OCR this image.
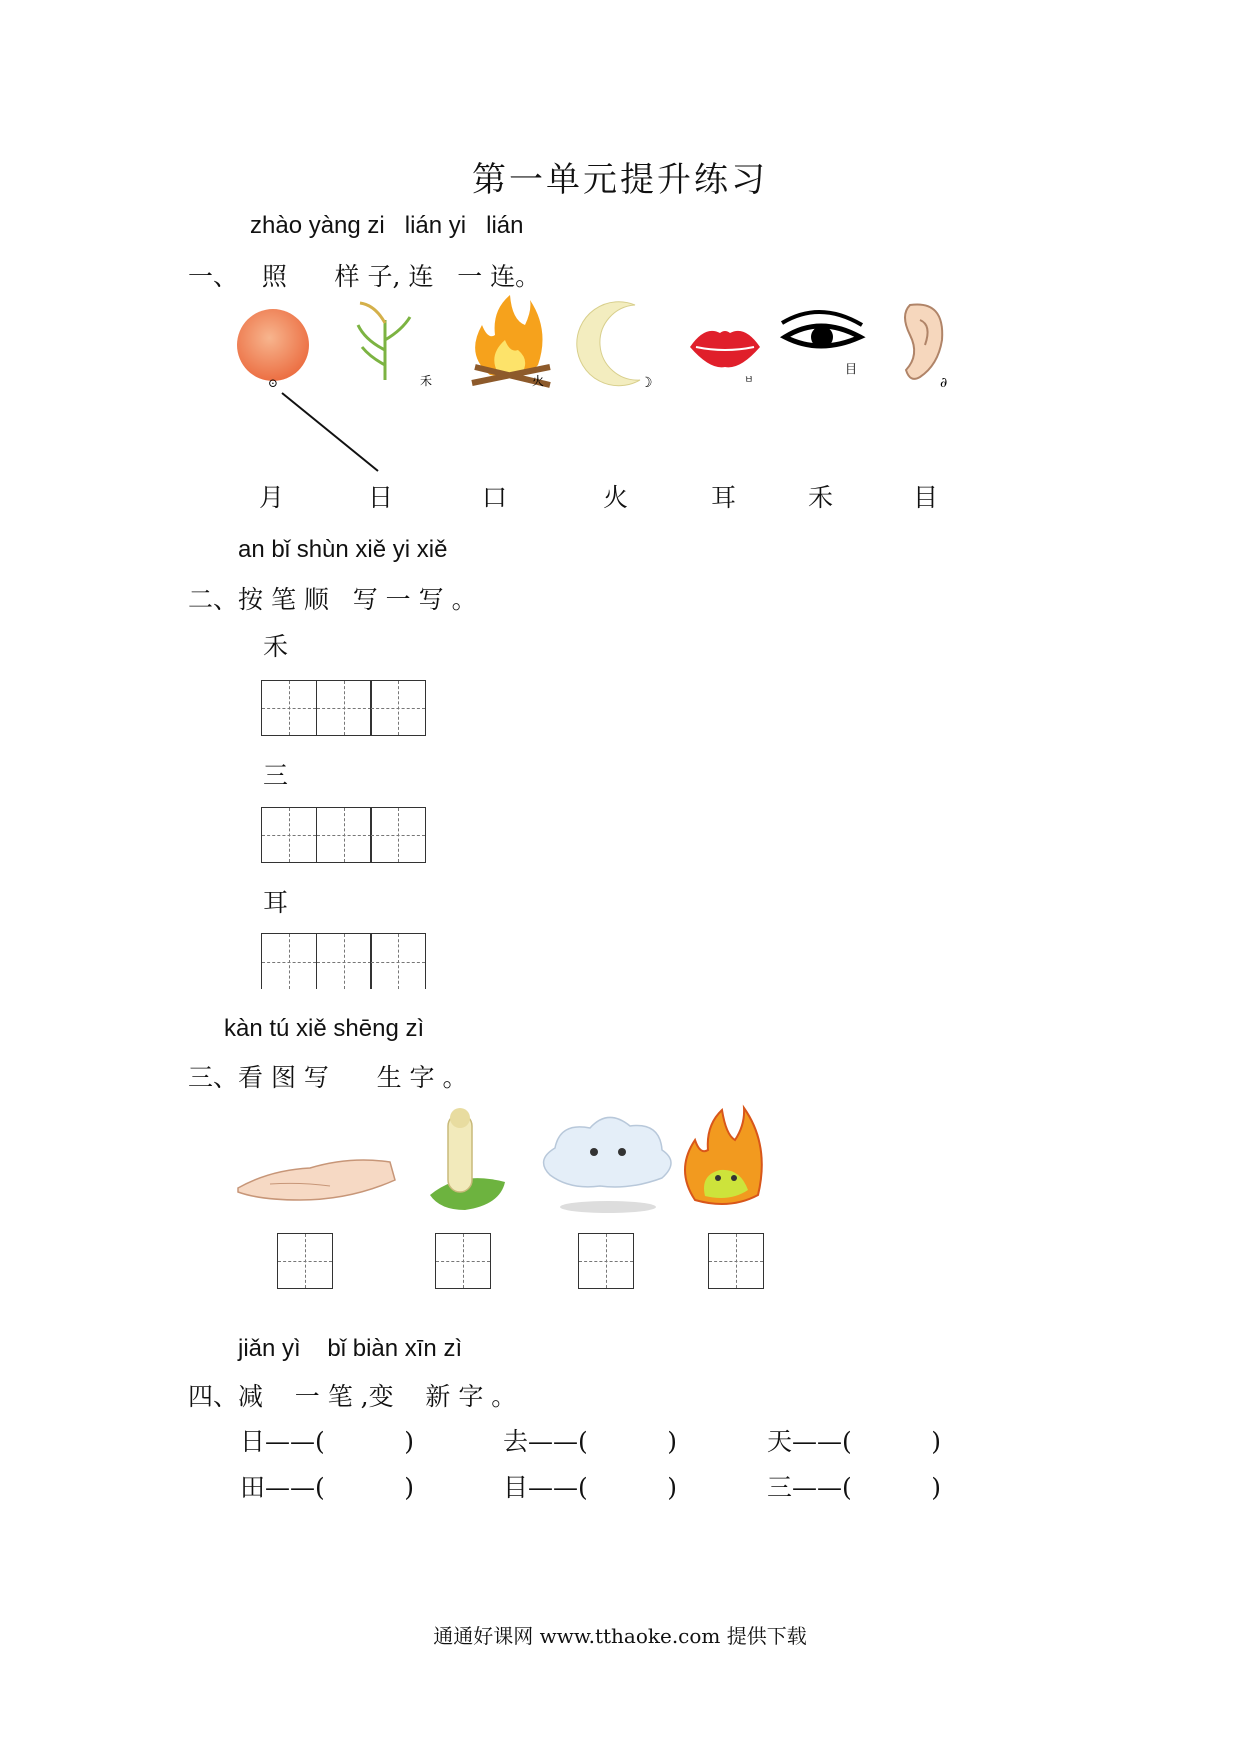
第一单元提升练习
zhào yàng zi   lián yi   lián
一、   照      样 子, 连   一 连。
⊙	禾	火	☽	ㅂ
目
∂
月	日	口	火	耳	禾	目
an bǐ shùn xiě yi xiě
二、按 笔 顺   写 一 写 。
禾
三
耳
kàn tú xiě shēng zì
三、看 图 写      生 字 。
jiǎn yì    bǐ biàn xīn zì
四、减    一 笔 ,变    新 字 。
日——(          )	去——(          )	天——(          )
田——(          )	目——(          )	三——(          )
通通好课网 www.tthaoke.com 提供下载
